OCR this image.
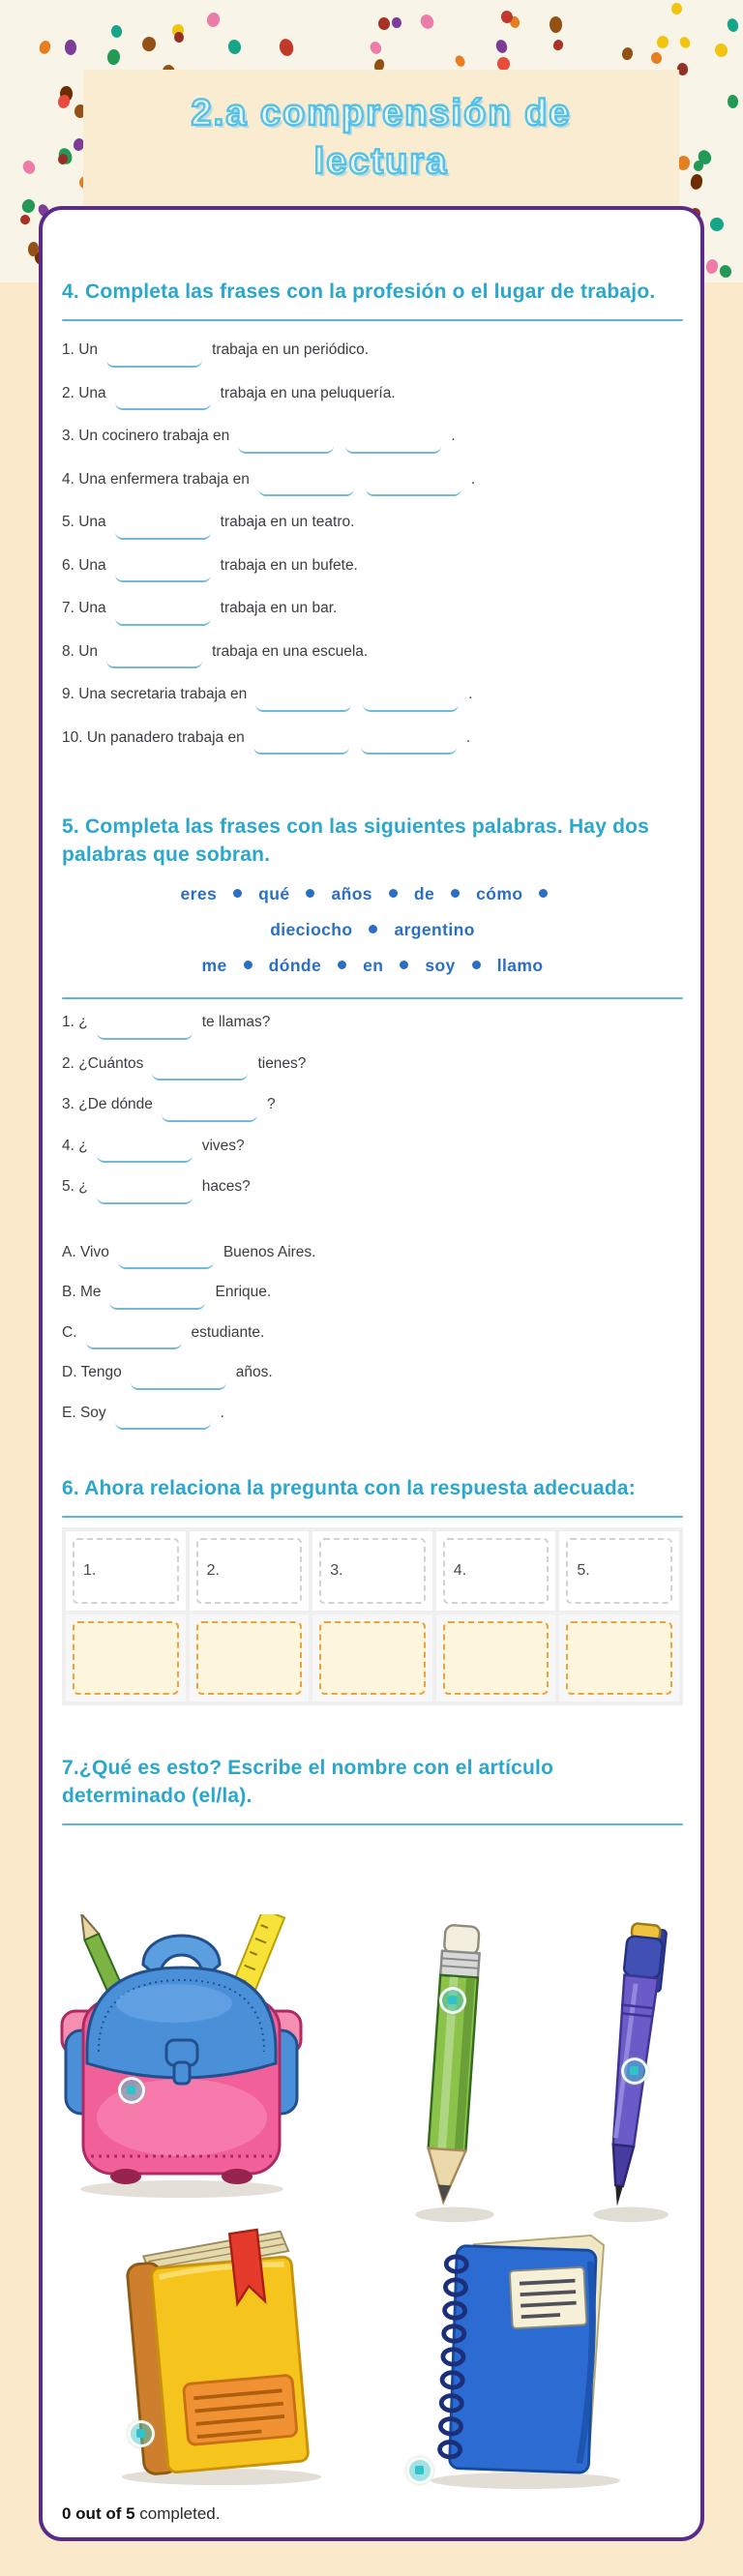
2.a comprensión de
lectura
4. Completa las frases con la profesión o el lugar de trabajo.
1. Un	trabaja en un periódico.
2. Una	trabaja en una peluquería.
3. Un cocinero trabaja en	.
4. Una enfermera trabaja en	.
5. Una	trabaja en un teatro.
6. Una	trabaja en un bufete.
7. Una	trabaja en un bar.
8. Un	trabaja en una escuela.
9. Una secretaria trabaja en	.
10. Un panadero trabaja en	.
5. Completa las frases con las siguientes palabras. Hay dos palabras que sobran.
eres qué años de cómo
dieciocho argentino
me dónde en soy llamo
1. ¿	te llamas?
2. ¿Cuántos	tienes?
3. ¿De dónde	?
4. ¿	vives?
5. ¿	haces?
A. Vivo	Buenos Aires.
B. Me	Enrique.
C.	estudiante.
D. Tengo	años.
E. Soy	.
6. Ahora relaciona la pregunta con la respuesta adecuada:
1.	2.	3.	4.	5.
7.¿Qué es esto? Escribe el nombre con el artículo determinado (el/la).
0 out of 5 completed.
